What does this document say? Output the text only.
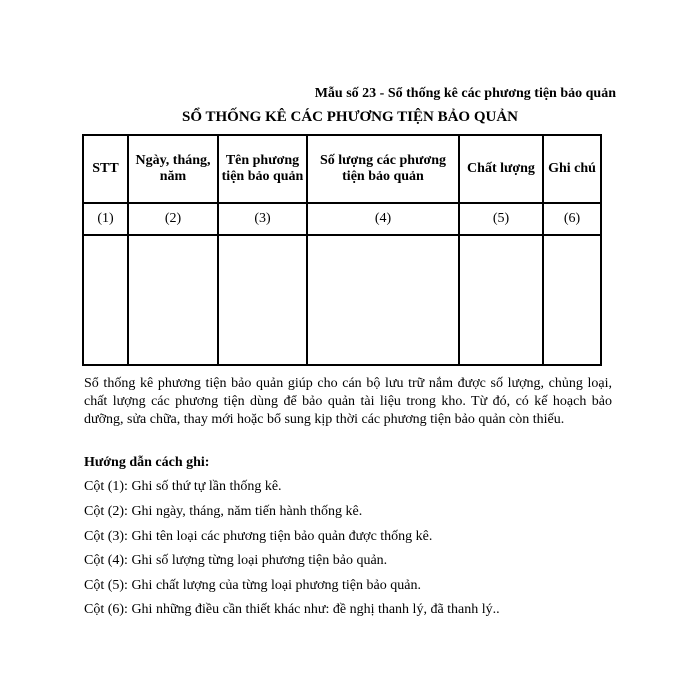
Mẫu số 23 - Sổ thống kê các phương tiện bảo quản
SỔ THỐNG KÊ CÁC PHƯƠNG TIỆN BẢO QUẢN
STT	Ngày, tháng, năm	Tên phương tiện bảo quản	Số lượng các phương tiện bảo quản	Chất lượng	Ghi chú
(1)	(2)	(3)	(4)	(5)	(6)

Sổ thống kê phương tiện bảo quản giúp cho cán bộ lưu trữ nắm được số lượng, chủng loại, chất lượng các phương tiện dùng để bảo quản tài liệu trong kho. Từ đó, có kế hoạch bảo dưỡng, sửa chữa, thay mới hoặc bổ sung kịp thời các phương tiện bảo quản còn thiếu.
Hướng dẫn cách ghi:
Cột (1): Ghi số thứ tự lần thống kê.
Cột (2): Ghi ngày, tháng, năm tiến hành thống kê.
Cột (3): Ghi tên loại các phương tiện bảo quản được thống kê.
Cột (4): Ghi số lượng từng loại phương tiện bảo quản.
Cột (5): Ghi chất lượng của từng loại phương tiện bảo quản.
Cột (6): Ghi những điều cần thiết khác như: đề nghị thanh lý, đã thanh lý..
